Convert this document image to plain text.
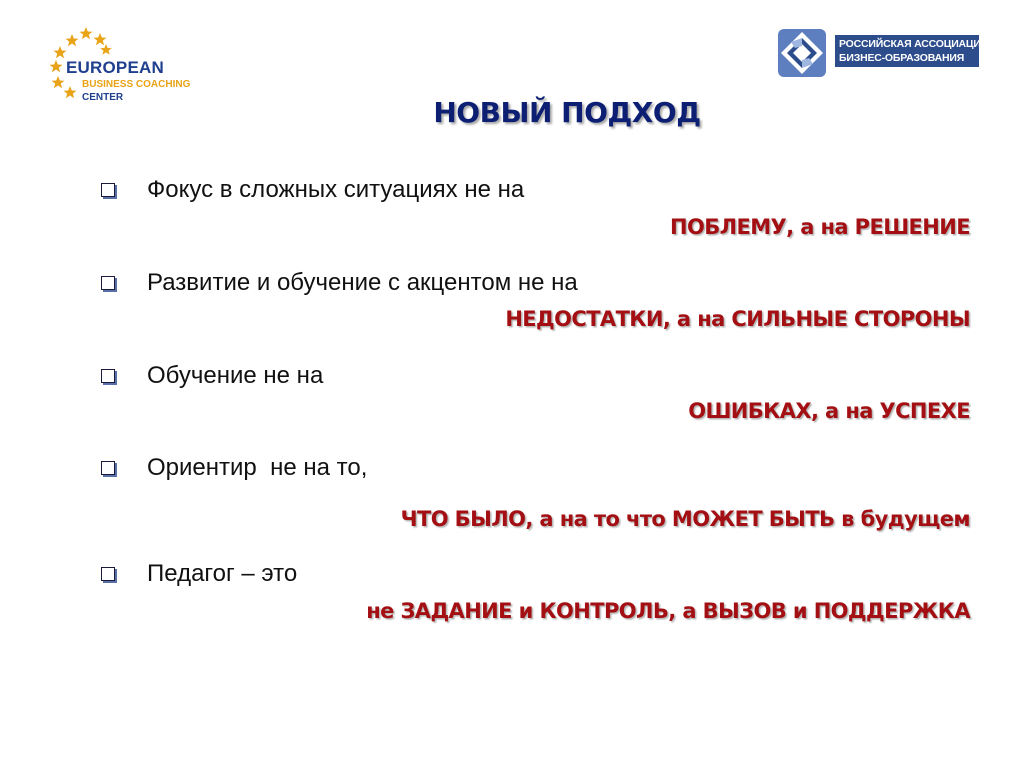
EUROPEAN
BUSINESS COACHING
CENTER
РОССИЙСКАЯ АССОЦИАЦИЯ
БИЗНЕС-ОБРАЗОВАНИЯ
НОВЫЙ ПОДХОД
Фокус в сложных ситуациях не на
ПОБЛЕМУ, а на РЕШЕНИЕ
Развитие и обучение с акцентом не на
НЕДОСТАТКИ, а на СИЛЬНЫЕ СТОРОНЫ
Обучение не на
ОШИБКАХ, а на УСПЕХЕ
Ориентир  не на то,
ЧТО БЫЛО, а на то что МОЖЕТ БЫТЬ в будущем
Педагог – это
не ЗАДАНИЕ и КОНТРОЛЬ, а ВЫЗОВ и ПОДДЕРЖКА
